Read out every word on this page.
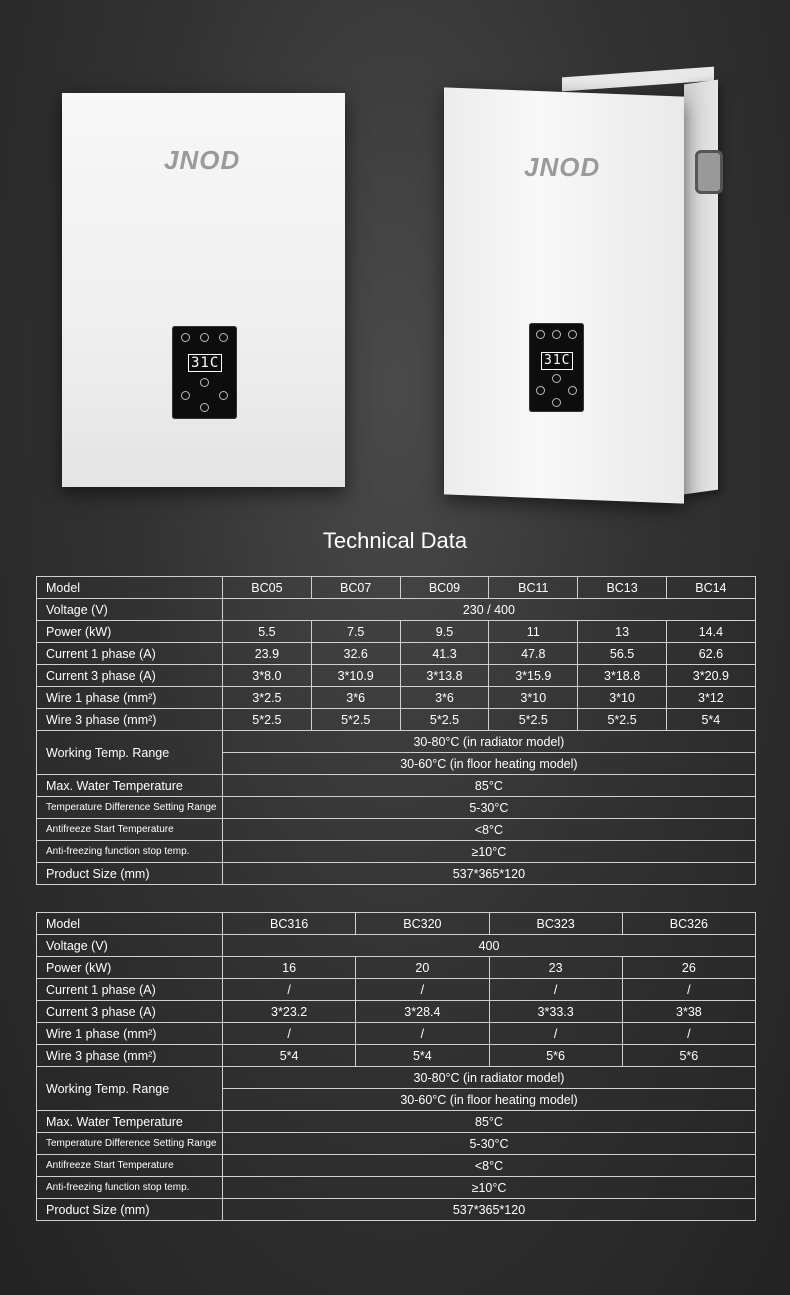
JNOD
31C
JNOD
31C
Technical Data
Model	BC05	BC07	BC09	BC11	BC13	BC14
Voltage (V)	230 / 400					
Power (kW)	5.5	7.5	9.5	11	13	14.4
Current 1 phase (A)	23.9	32.6	41.3	47.8	56.5	62.6
Current 3 phase (A)	3*8.0	3*10.9	3*13.8	3*15.9	3*18.8	3*20.9
Wire 1 phase (mm²)	3*2.5	3*6	3*6	3*10	3*10	3*12
Wire 3 phase (mm²)	5*2.5	5*2.5	5*2.5	5*2.5	5*2.5	5*4
Working Temp. Range	30-80°C (in radiator model)					
	30-60°C (in floor heating model)					
Max. Water Temperature	85°C					
Temperature Difference Setting Range	5-30°C					
Antifreeze Start Temperature	<8°C					
Anti-freezing function stop temp.	≥10°C					
Product Size (mm)	537*365*120					
Model	BC316	BC320	BC323	BC326
Voltage (V)	400			
Power (kW)	16	20	23	26
Current 1 phase (A)	/	/	/	/
Current 3 phase (A)	3*23.2	3*28.4	3*33.3	3*38
Wire 1 phase (mm²)	/	/	/	/
Wire 3 phase (mm²)	5*4	5*4	5*6	5*6
Working Temp. Range	30-80°C (in radiator model)			
	30-60°C (in floor heating model)			
Max. Water Temperature	85°C			
Temperature Difference Setting Range	5-30°C			
Antifreeze Start Temperature	<8°C			
Anti-freezing function stop temp.	≥10°C			
Product Size (mm)	537*365*120			
